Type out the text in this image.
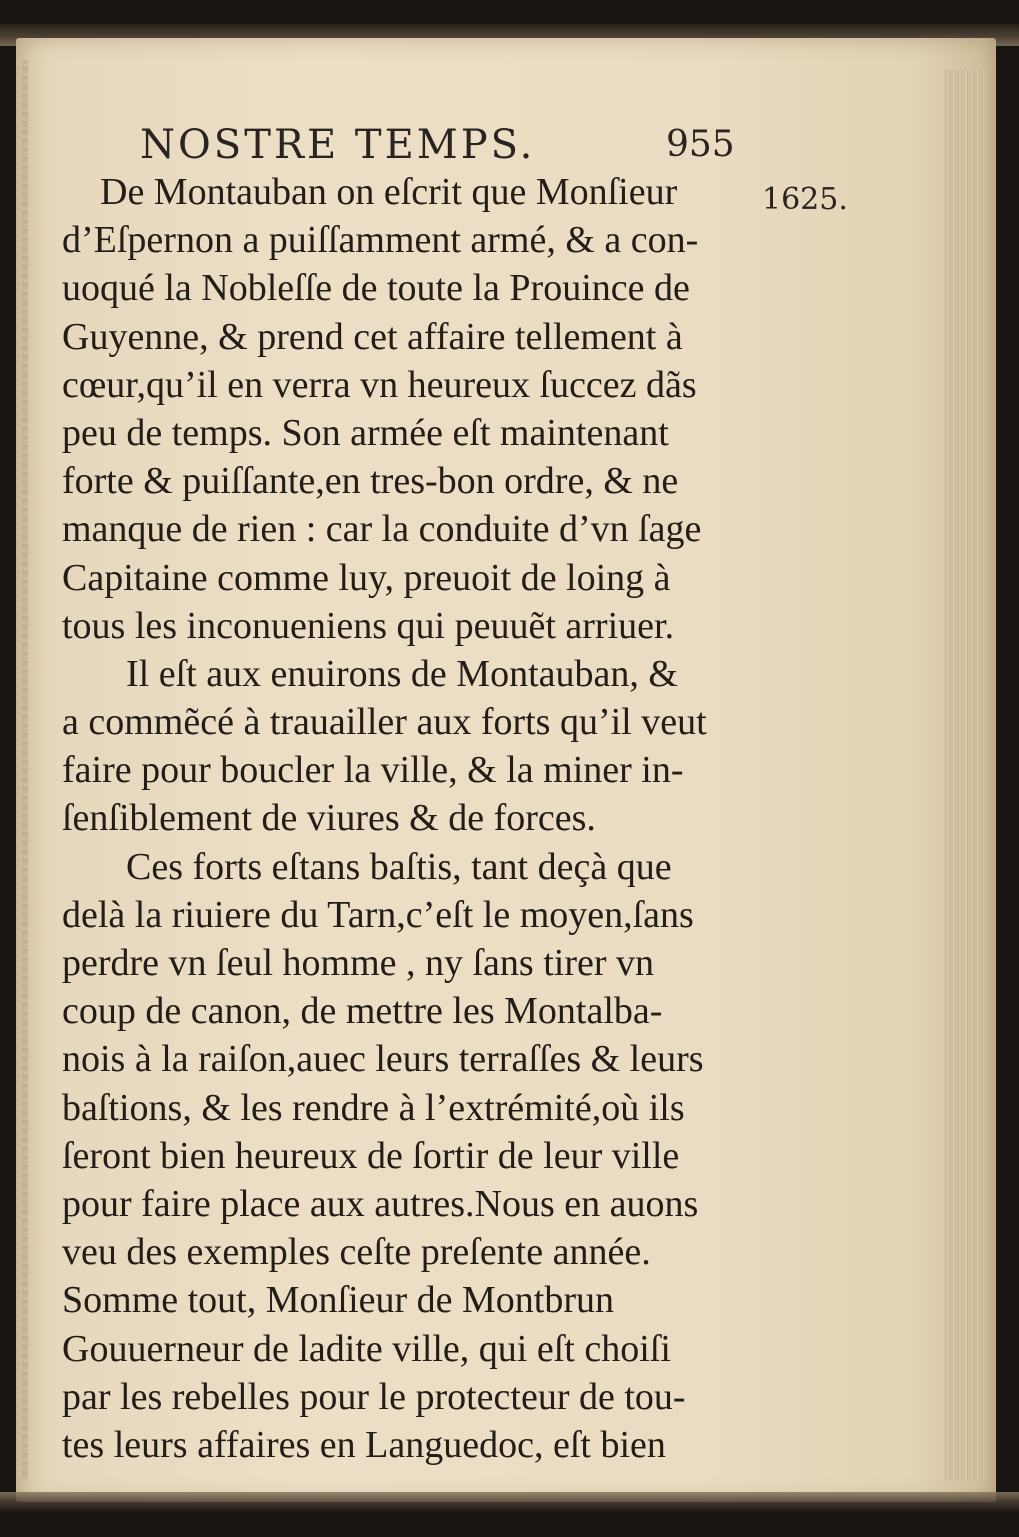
NOSTRE TEMPS.	955
1625.
De Montauban on eſcrit que Monſieur
d’Eſpernon a puiſſamment armé, & a con-
uoqué la Nobleſſe de toute la Prouince de
Guyenne, & prend cet affaire tellement à
cœur,qu’il en verra vn heureux ſuccez dãs
peu de temps. Son armée eſt maintenant
forte & puiſſante,en tres-bon ordre, & ne
manque de rien : car la conduite d’vn ſage
Capitaine comme luy, preuoit de loing à
tous les inconueniens qui peuuẽt arriuer.
Il eſt aux enuirons de Montauban, &
a commẽcé à trauailler aux forts qu’il veut
faire pour boucler la ville, & la miner in-
ſenſiblement de viures & de forces.
Ces forts eſtans baſtis, tant deçà que
delà la riuiere du Tarn,c’eſt le moyen,ſans
perdre vn ſeul homme , ny ſans tirer vn
coup de canon, de mettre les Montalba-
nois à la raiſon,auec leurs terraſſes & leurs
baſtions, & les rendre à l’extrémité,où ils
ſeront bien heureux de ſortir de leur ville
pour faire place aux autres.Nous en auons
veu des exemples ceſte preſente année.
Somme tout, Monſieur de Montbrun
Gouuerneur de ladite ville, qui eſt choiſi
par les rebelles pour le protecteur de tou-
tes leurs affaires en Languedoc, eſt bien
